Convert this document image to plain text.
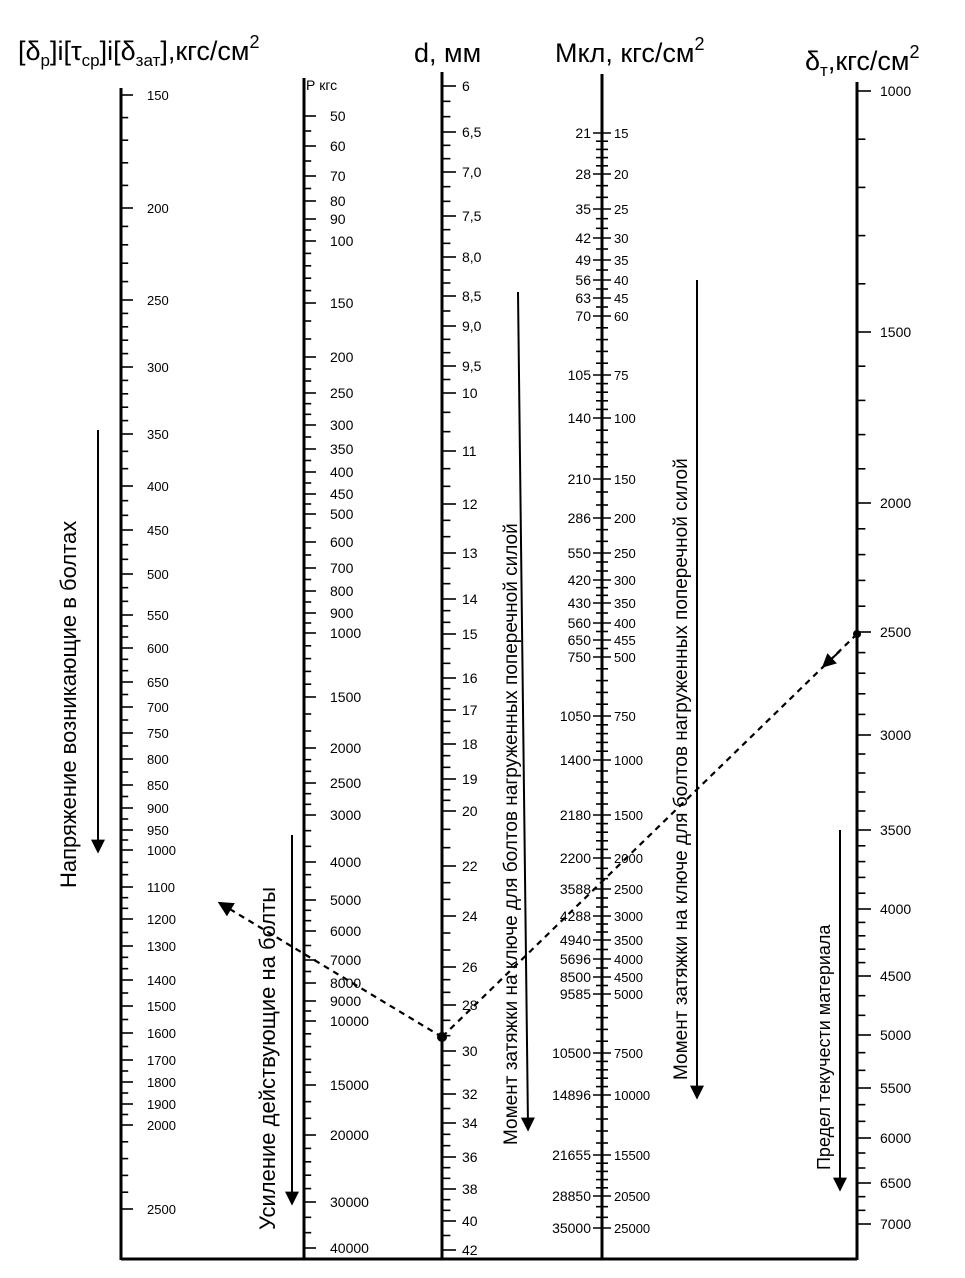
$[\delta_р]i[\tau_{ср}]i[\delta_{зат}],кгс/см^2$	d, мм	Мкл, кгс/$см^2$
$\delta_т,кгс/см^2$
Р кгс
150
200
250
300
350
400
450
500
550
600
650
700
750
800
850
900
950
1000
1100
1200
1300
1400
1500
1600
1700
1800
1900
2000
2500
50
60
70
80
90
100
150
200
250
300
350
400
450
500
600
700
800
900
1000
1500
2000
2500
3000
4000
5000
6000
7000
8000
9000
10000
15000
20000
30000
40000
6
6,5
7,0
7,5
8,0
8,5
9,0
9,5
10
11
12
13
14
15
16
17
18
19
20
22
24
26
28
30
32
34
36
38
40
42
21 15
28 20
35 25
42 30
49 35
56 40
63 45
70 60
105 75
140 100
210 150
286 200
550 250
420 300
430 350
560 400
650 455
750 500
1050 750
1400 1000
2180 1500
2200 2000
3588 2500
4288 3000
4940 3500
5696 4000
8500 4500
9585 5000
10500 7500
14896 10000
21655 15500
28850 20500
35000 25000
1000
1500
2000
2500
3000
3500
4000
4500
5000
5500
6000
6500
7000
Напряжение возникающие в болтах
Усиление действующие на болты	Момент затяжки на ключе для болтов нагруженных поперечной силой	Момент затяжки на ключе для болтов нагруженных поперечной силой	Предел текучести материала
